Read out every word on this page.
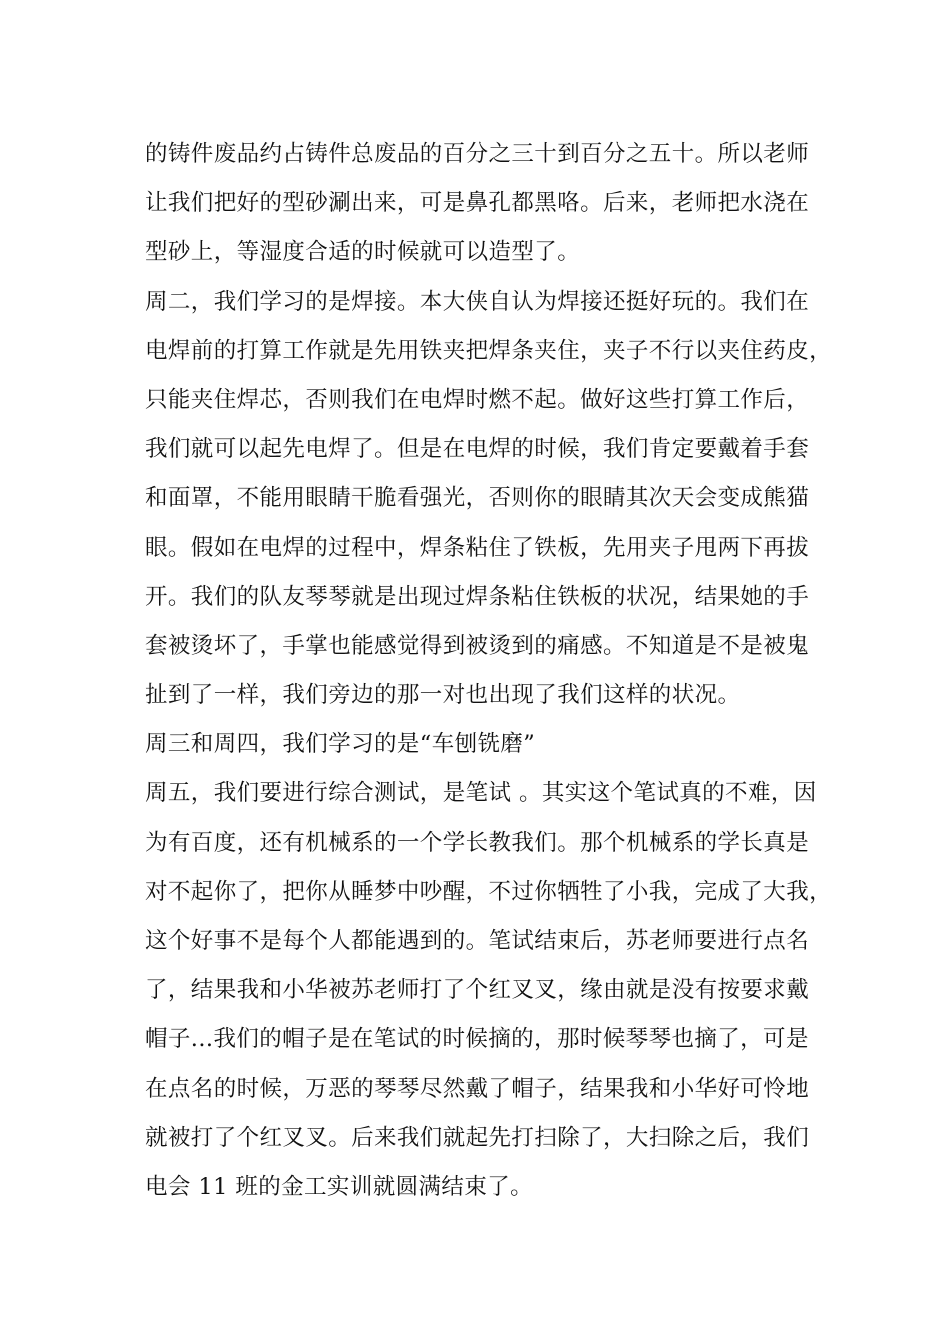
的铸件废品约占铸件总废品的百分之三十到百分之五十。所以老师
让我们把好的型砂涮出来，可是鼻孔都黑咯。后来，老师把水浇在
型砂上，等湿度合适的时候就可以造型了。
周二，我们学习的是焊接。本大侠自认为焊接还挺好玩的。我们在
电焊前的打算工作就是先用铁夹把焊条夹住，夹子不行以夹住药皮，
只能夹住焊芯，否则我们在电焊时燃不起。做好这些打算工作后，
我们就可以起先电焊了。但是在电焊的时候，我们肯定要戴着手套
和面罩，不能用眼睛干脆看强光，否则你的眼睛其次天会变成熊猫
眼。假如在电焊的过程中，焊条粘住了铁板，先用夹子甩两下再拔
开。我们的队友琴琴就是出现过焊条粘住铁板的状况，结果她的手
套被烫坏了，手掌也能感觉得到被烫到的痛感。不知道是不是被鬼
扯到了一样，我们旁边的那一对也出现了我们这样的状况。
周三和周四，我们学习的是“车刨铣磨”
周五，我们要进行综合测试，是笔试 。其实这个笔试真的不难，因
为有百度，还有机械系的一个学长教我们。那个机械系的学长真是
对不起你了，把你从睡梦中吵醒，不过你牺牲了小我，完成了大我，
这个好事不是每个人都能遇到的。笔试结束后，苏老师要进行点名
了，结果我和小华被苏老师打了个红叉叉，缘由就是没有按要求戴
帽子...我们的帽子是在笔试的时候摘的，那时候琴琴也摘了，可是
在点名的时候，万恶的琴琴尽然戴了帽子，结果我和小华好可怜地
就被打了个红叉叉。后来我们就起先打扫除了，大扫除之后，我们
电会 11 班的金工实训就圆满结束了。
